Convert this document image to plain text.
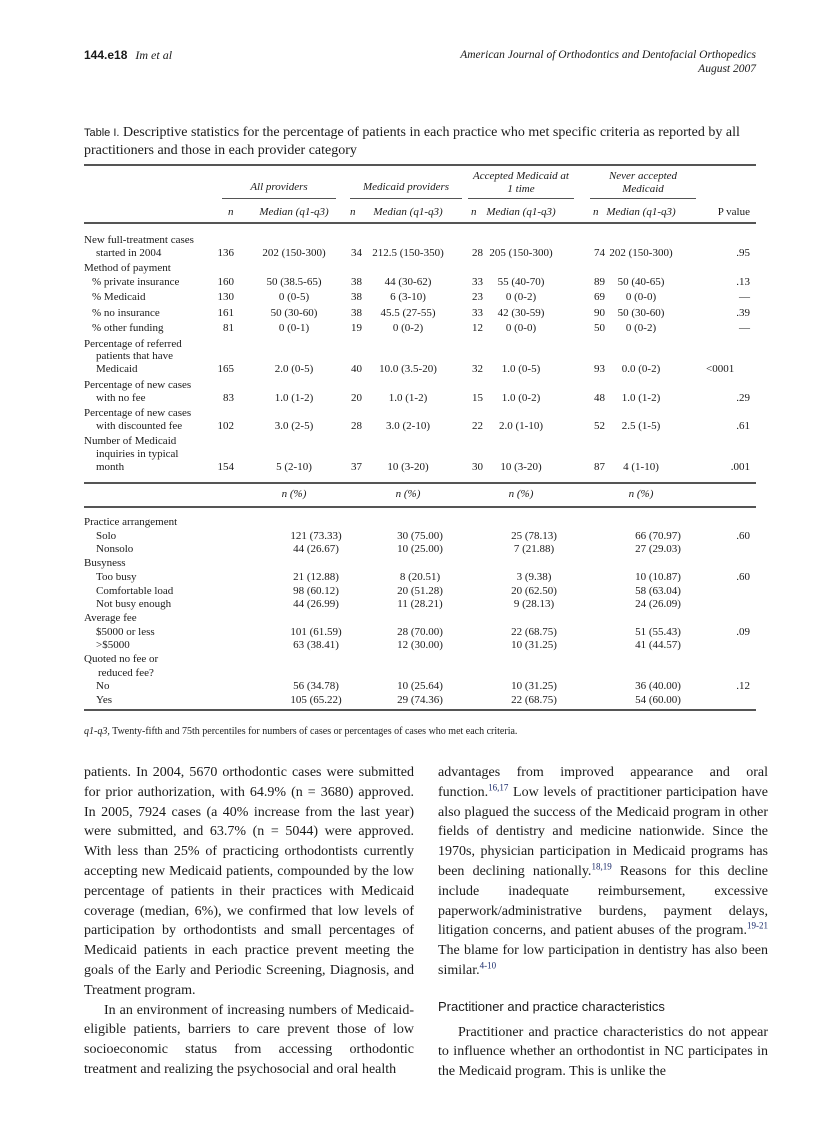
144.e18 Im et al	American Journal of Orthodontics and Dentofacial Orthopedics
August 2007
Table I. Descriptive statistics for the percentage of patients in each practice who met specific criteria as reported by all practitioners and those in each provider category
All providers	Medicaid providers
Accepted Medicaid at
1 time
Never accepted
Medicaid
n	Median (q1-q3)	n	Median (q1-q3)	n Median (q1-q3)	n Median (q1-q3)	P value
New full-treatment cases
started in 2004	136	202 (150-300)	34 212.5 (150-350)	28 205 (150-300)	74 202 (150-300)	.95
Method of payment
% private insurance	160	50 (38.5-65)	38	44 (30-62)	33	55 (40-70)	89	50 (40-65)	.13
% Medicaid	130	0 (0-5)	38	6 (3-10)	23	0 (0-2)	69	0 (0-0)	—
% no insurance	161	50 (30-60)	38	45.5 (27-55)	33	42 (30-59)	90	50 (30-60)	.39
% other funding	81	0 (0-1)	19	0 (0-2)	12	0 (0-0)	50	0 (0-2)	—
Percentage of referred
patients that have
Medicaid	165	2.0 (0-5)	40	10.0 (3.5-20)	32	1.0 (0-5)	93	0.0 (0-2)	<0001
Percentage of new cases
with no fee	83	1.0 (1-2)	20	1.0 (1-2)	15	1.0 (0-2)	48	1.0 (1-2)	.29
Percentage of new cases
with discounted fee	102	3.0 (2-5)	28	3.0 (2-10)	22	2.0 (1-10)	52	2.5 (1-5)	.61
Number of Medicaid
inquiries in typical
month	154	5 (2-10)	37	10 (3-20)	30	10 (3-20)	87	4 (1-10)	.001
n (%)	n (%)	n (%)	n (%)
Practice arrangement
Solo	121 (73.33)	30 (75.00)	25 (78.13)	66 (70.97)	.60
Nonsolo	44 (26.67)	10 (25.00)	7 (21.88)	27 (29.03)
Busyness
Too busy	21 (12.88)	8 (20.51)	3 (9.38)	10 (10.87)	.60
Comfortable load	98 (60.12)	20 (51.28)	20 (62.50)	58 (63.04)
Not busy enough	44 (26.99)	11 (28.21)	9 (28.13)	24 (26.09)
Average fee
$5000 or less	101 (61.59)	28 (70.00)	22 (68.75)	51 (55.43)	.09
>$5000	63 (38.41)	12 (30.00)	10 (31.25)	41 (44.57)
Quoted no fee or
reduced fee?
No	56 (34.78)	10 (25.64)	10 (31.25)	36 (40.00)	.12
Yes	105 (65.22)	29 (74.36)	22 (68.75)	54 (60.00)
q1-q3, Twenty-fifth and 75th percentiles for numbers of cases or percentages of cases who met each criteria.

patients. In 2004, 5670 orthodontic cases were submitted for prior authorization, with 64.9% (n = 3680) approved. In 2005, 7924 cases (a 40% increase from the last year) were submitted, and 63.7% (n = 5044) were approved. With less than 25% of practicing orthodontists currently accepting new Medicaid patients, compounded by the low percentage of patients in their practices with Medicaid coverage (median, 6%), we confirmed that low levels of participation by orthodontists and small percentages of Medicaid patients in each practice prevent meeting the goals of the Early and Periodic Screening, Diagnosis, and Treatment program.

In an environment of increasing numbers of Medicaid-eligible patients, barriers to care prevent those of low socioeconomic status from accessing orthodontic treatment and realizing the psychosocial and oral health

advantages from improved appearance and oral function.$^{16,17}$ Low levels of practitioner participation have also plagued the success of the Medicaid program in other fields of dentistry and medicine nationwide. Since the 1970s, physician participation in Medicaid programs has been declining nationally.$^{18,19}$ Reasons for this decline include inadequate reimbursement, excessive paperwork/administrative burdens, payment delays, litigation concerns, and patient abuses of the program.$^{19-21}$ The blame for low participation in dentistry has also been similar.$^{4-10}$

Practitioner and practice characteristics

Practitioner and practice characteristics do not appear to influence whether an orthodontist in NC participates in the Medicaid program. This is unlike the
